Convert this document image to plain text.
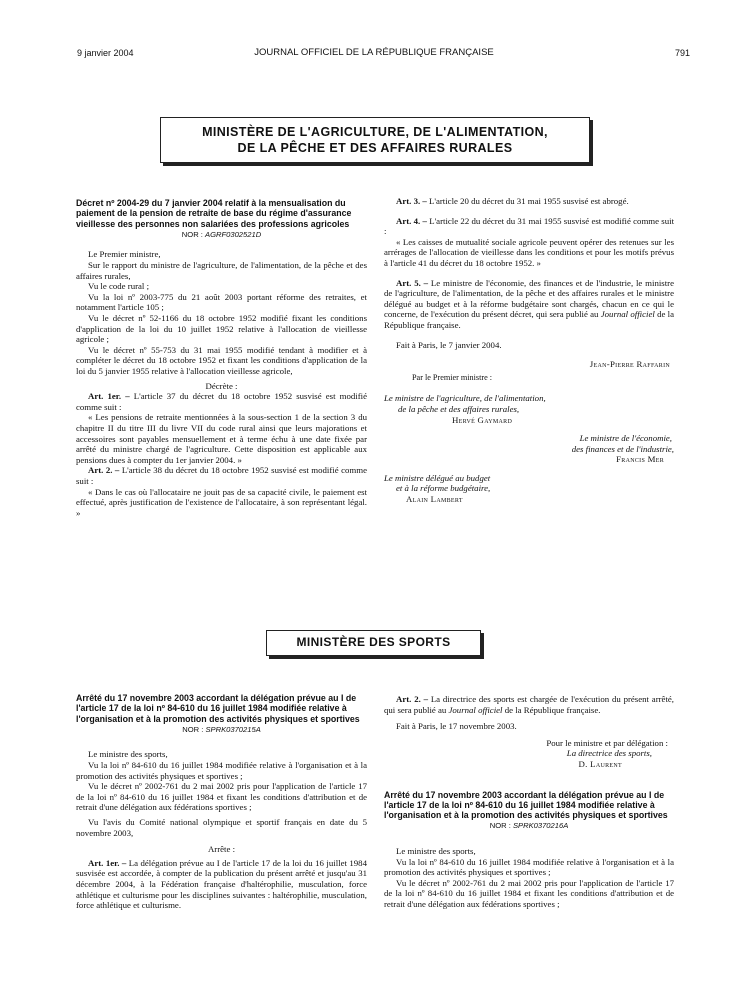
9 janvier 2004	JOURNAL OFFICIEL DE LA RÉPUBLIQUE FRANÇAISE	791
MINISTÈRE DE L'AGRICULTURE, DE L'ALIMENTATION,
DE LA PÊCHE ET DES AFFAIRES RURALES

Décret nº 2004-29 du 7 janvier 2004 relatif à la mensualisation du paiement de la pension de retraite de base du régime d'assurance vieillesse des personnes non salariées des professions agricoles

NOR : AGRF0302521D

Le Premier ministre,

Sur le rapport du ministre de l'agriculture, de l'alimentation, de la pêche et des affaires rurales,

Vu le code rural ;

Vu la loi nº 2003-775 du 21 août 2003 portant réforme des retraites, et notamment l'article 105 ;

Vu le décret nº 52-1166 du 18 octobre 1952 modifié fixant les conditions d'application de la loi du 10 juillet 1952 relative à l'allocation de vieillesse agricole ;

Vu le décret nº 55-753 du 31 mai 1955 modifié tendant à modifier et à compléter le décret du 18 octobre 1952 et fixant les conditions d'application de la loi du 5 janvier 1955 relative à l'allocation vieillesse agricole,

Décrète :

Art. 1er. – L'article 37 du décret du 18 octobre 1952 susvisé est modifié comme suit :

« Les pensions de retraite mentionnées à la sous-section 1 de la section 3 du chapitre II du titre III du livre VII du code rural ainsi que leurs majorations et accessoires sont payables mensuellement et à terme échu à une date fixée par arrêté du ministre chargé de l'agriculture. Cette disposition est applicable aux pensions dues à compter du 1er janvier 2004. »

Art. 2. – L'article 38 du décret du 18 octobre 1952 susvisé est modifié comme suit :

« Dans le cas où l'allocataire ne jouit pas de sa capacité civile, le paiement est effectué, après justification de l'existence de l'allocataire, à son représentant légal. »

Art. 3. – L'article 20 du décret du 31 mai 1955 susvisé est abrogé.

Art. 4. – L'article 22 du décret du 31 mai 1955 susvisé est modifié comme suit :

« Les caisses de mutualité sociale agricole peuvent opérer des retenues sur les arrérages de l'allocation de vieillesse dans les conditions et pour les motifs prévus à l'article 41 du décret du 18 octobre 1952. »

Art. 5. – Le ministre de l'économie, des finances et de l'industrie, le ministre de l'agriculture, de l'alimentation, de la pêche et des affaires rurales et le ministre délégué au budget et à la réforme budgétaire sont chargés, chacun en ce qui le concerne, de l'exécution du présent décret, qui sera publié au Journal officiel de la République française.

Fait à Paris, le 7 janvier 2004.

Jean-Pierre Raffarin

Par le Premier ministre :

Le ministre de l'agriculture, de l'alimentation,

de la pêche et des affaires rurales,

Hervé Gaymard

Le ministre de l'économie,

des finances et de l'industrie,

Francis Mer

Le ministre délégué au budget

et à la réforme budgétaire,

Alain Lambert

MINISTÈRE DES SPORTS

Arrêté du 17 novembre 2003 accordant la délégation prévue au I de l'article 17 de la loi nº 84-610 du 16 juillet 1984 modifiée relative à l'organisation et à la promotion des activités physiques et sportives

NOR : SPRK0370215A

Le ministre des sports,

Vu la loi nº 84-610 du 16 juillet 1984 modifiée relative à l'organisation et à la promotion des activités physiques et sportives ;

Vu le décret nº 2002-761 du 2 mai 2002 pris pour l'application de l'article 17 de la loi nº 84-610 du 16 juillet 1984 et fixant les conditions d'attribution et de retrait d'une délégation aux fédérations sportives ;

Vu l'avis du Comité national olympique et sportif français en date du 5 novembre 2003,

Arrête :

Art. 1er. – La délégation prévue au I de l'article 17 de la loi du 16 juillet 1984 susvisée est accordée, à compter de la publication du présent arrêté et jusqu'au 31 décembre 2004, à la Fédération française d'haltérophilie, musculation, force athlétique et culturisme pour les disciplines suivantes : haltérophilie, musculation, force athlétique et culturisme.

Art. 2. – La directrice des sports est chargée de l'exécution du présent arrêté, qui sera publié au Journal officiel de la République française.

Fait à Paris, le 17 novembre 2003.

Pour le ministre et par délégation :

La directrice des sports,

D. Laurent

Arrêté du 17 novembre 2003 accordant la délégation prévue au I de l'article 17 de la loi nº 84-610 du 16 juillet 1984 modifiée relative à l'organisation et à la promotion des activités physiques et sportives

NOR : SPRK0370216A

Le ministre des sports,

Vu la loi nº 84-610 du 16 juillet 1984 modifiée relative à l'organisation et à la promotion des activités physiques et sportives ;

Vu le décret nº 2002-761 du 2 mai 2002 pris pour l'application de l'article 17 de la loi nº 84-610 du 16 juillet 1984 et fixant les conditions d'attribution et de retrait d'une délégation aux fédérations sportives ;
